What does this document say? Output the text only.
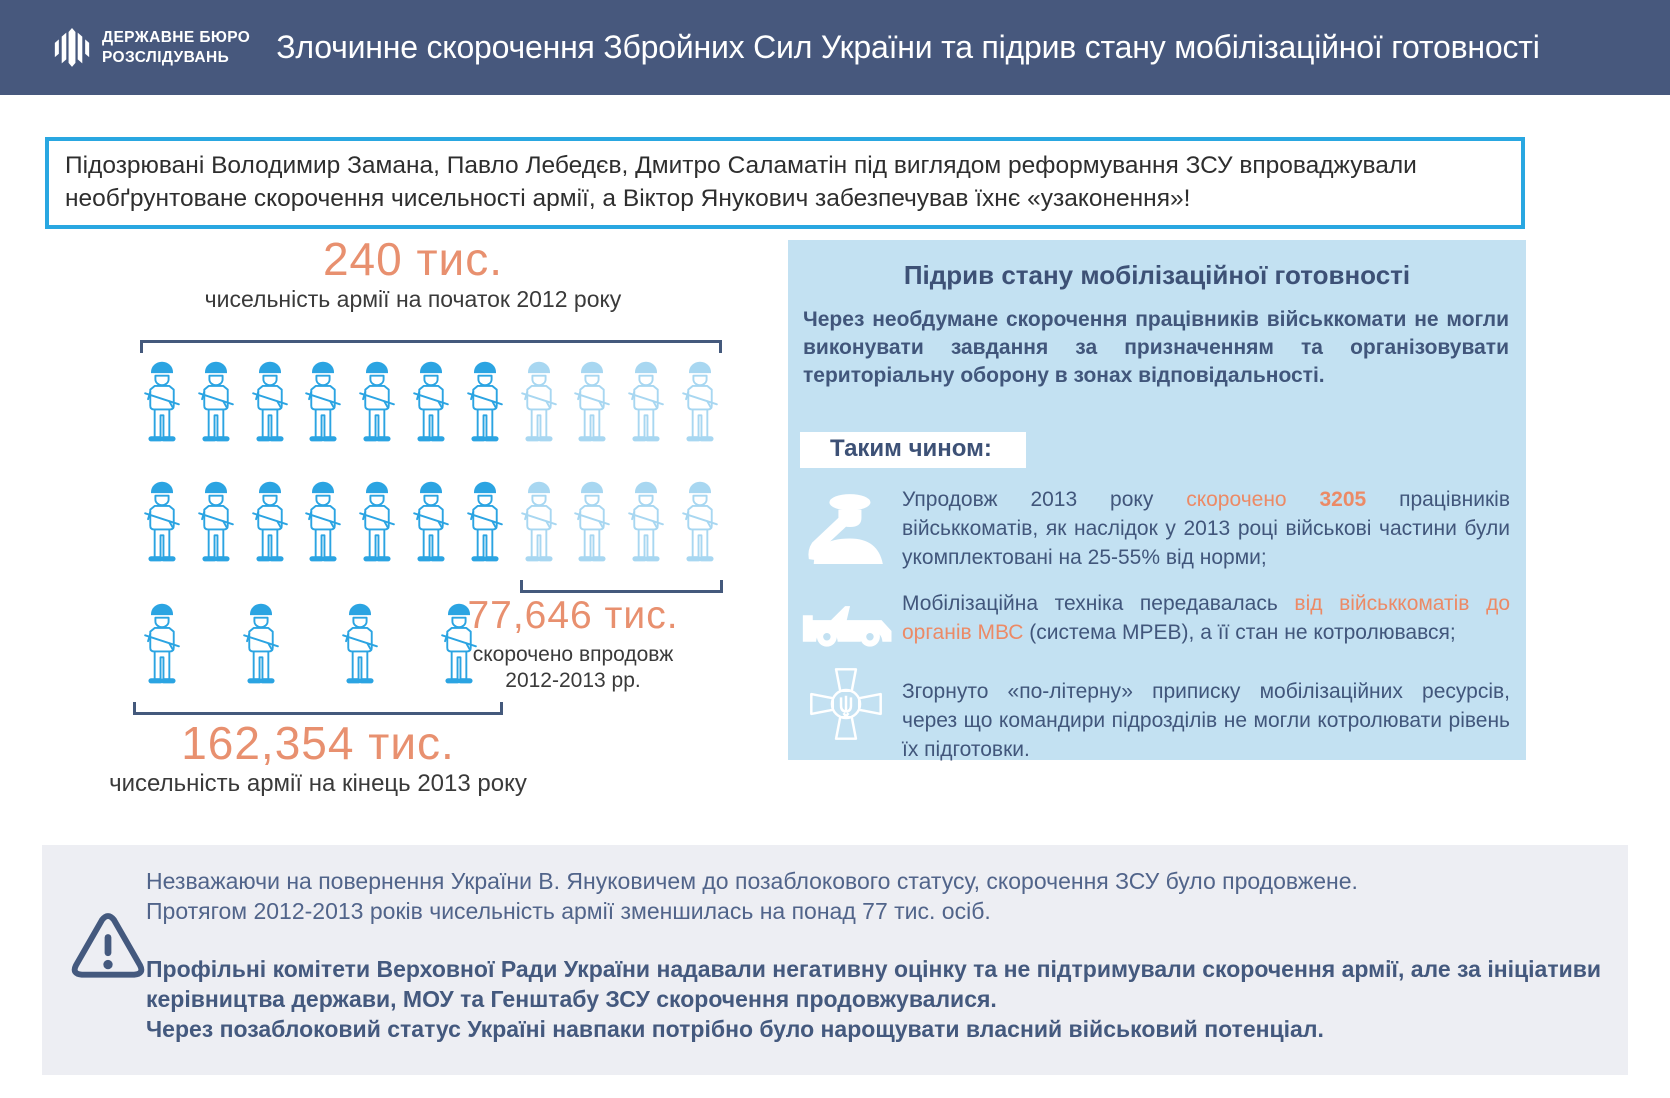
ДЕРЖАВНЕ БЮРО
РОЗСЛІДУВАНЬ	Злочинне скорочення Збройних Сил України та підрив стану мобілізаційної готовності

Підозрювані Володимир Замана, Павло Лебедєв, Дмитро Саламатін під виглядом реформування ЗСУ впроваджували необґрунтоване скорочення чисельності армії, а Віктор Янукович забезпечував їхнє «узаконення»!

240 тис.
чисельність армії на початок 2012 року
77,646 тис.
скорочено впродовж
2012-2013 рр.
162,354 тис.
чисельність армії на кінець 2013 року
Підрив стану мобілізаційної готовності

Через необдумане скорочення працівників військкомати не могли виконувати завдання за призначенням та організовувати територіальну оборону в зонах відповідальності.

Таким чином:

Упродовж 2013 року скорочено 3205 працівників військкоматів, як наслідок у 2013 році військові частини були укомплектовані на 25-55% від норми;

Мобілізаційна техніка передавалась від військкоматів до органів МВС (система МРЕВ), а її стан не котролювався;

Згорнуто «по-літерну» приписку мобілізаційних ресурсів, через що командири підрозділів не могли котролювати рівень їх підготовки.

Незважаючи на повернення України В. Януковичем до позаблокового статусу, скорочення ЗСУ було продовжене.
Протягом 2012-2013 років чисельність армії зменшилась на понад 77 тис. осіб.

Профільні комітети Верховної Ради України надавали негативну оцінку та не підтримували скорочення армії, але за ініціативи керівництва держави, МОУ та Генштабу ЗСУ скорочення продовжувалися.
Через позаблоковий статус Україні навпаки потрібно було нарощувати власний військовий потенціал.
